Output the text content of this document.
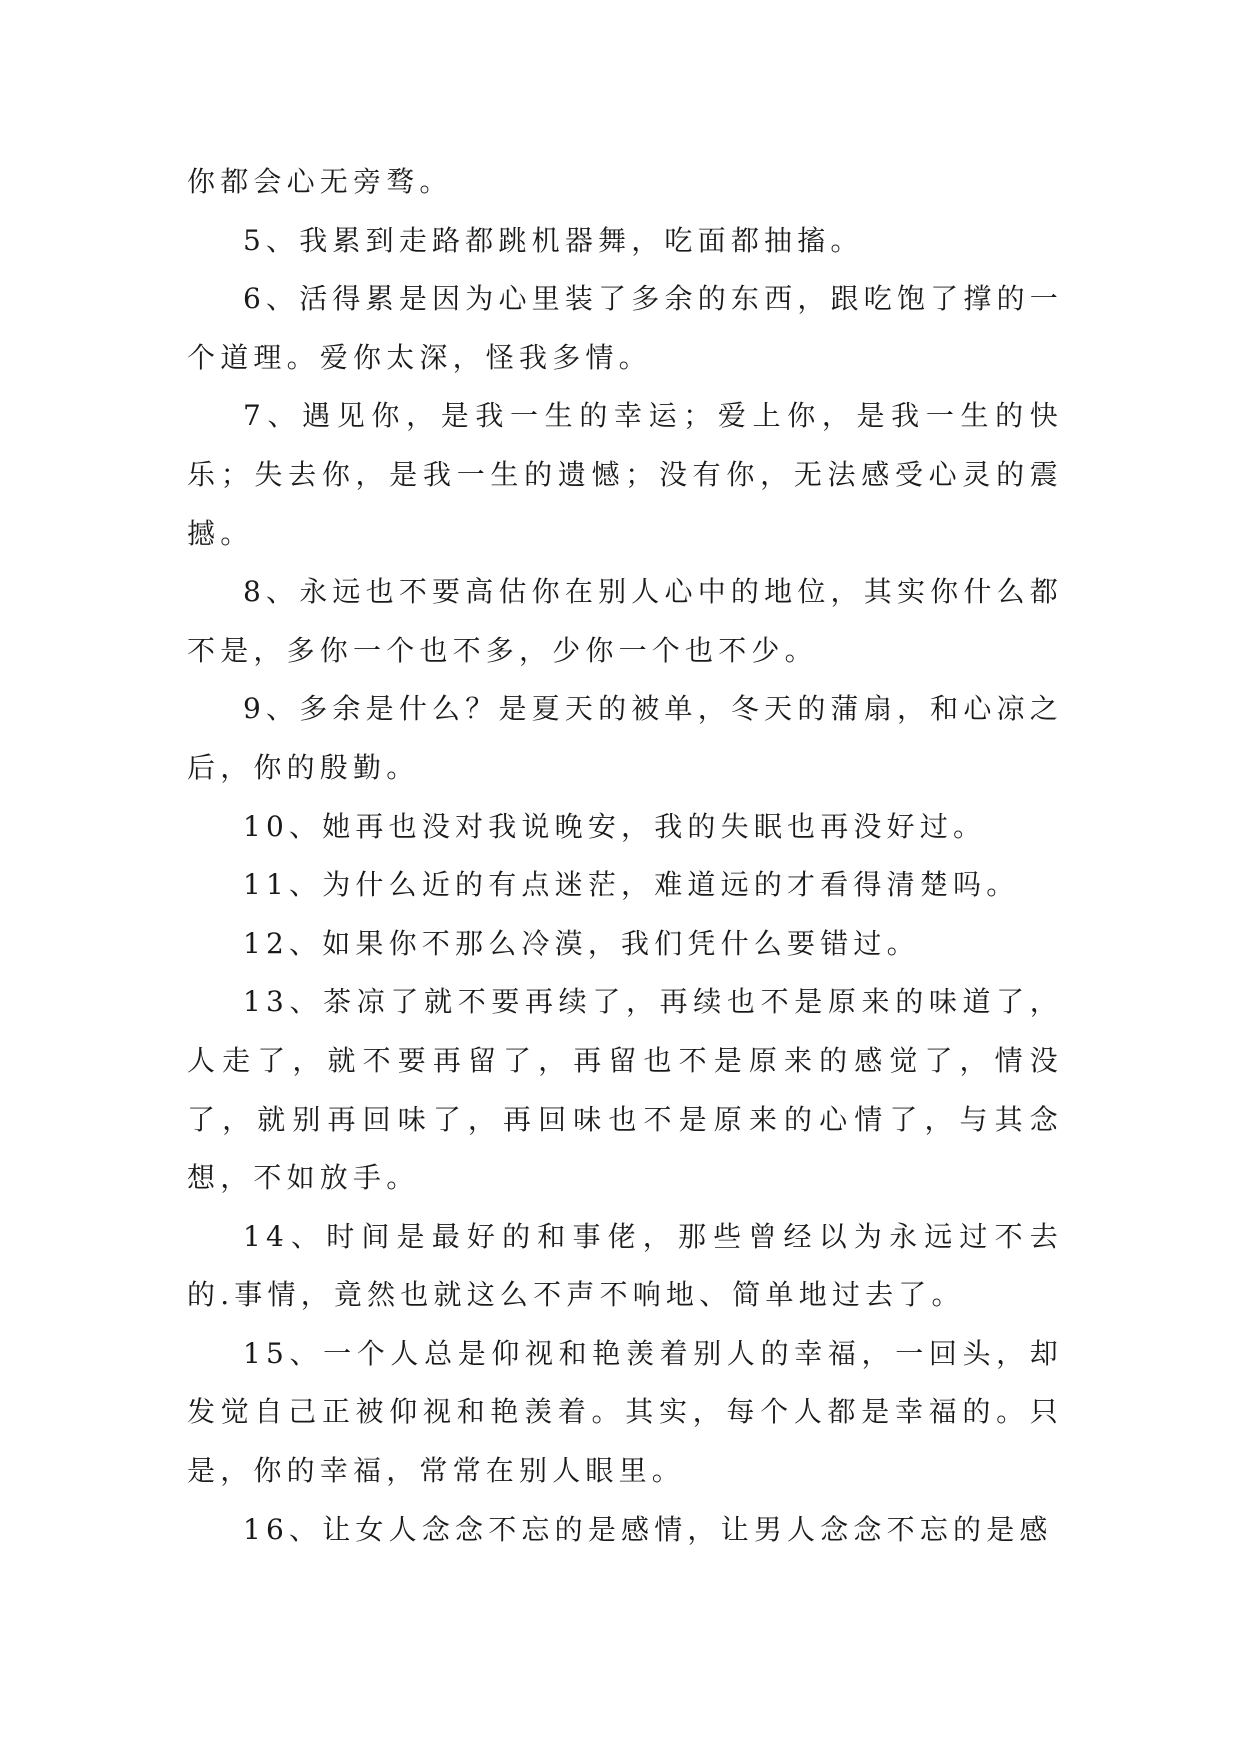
你都会心无旁骛。

5、我累到走路都跳机器舞，吃面都抽搐。

6、活得累是因为心里装了多余的东西，跟吃饱了撑的一个道理。爱你太深，怪我多情。

7、遇见你，是我一生的幸运；爱上你，是我一生的快乐；失去你，是我一生的遗憾；没有你，无法感受心灵的震撼。

8、永远也不要高估你在别人心中的地位，其实你什么都不是，多你一个也不多，少你一个也不少。

9、多余是什么？是夏天的被单，冬天的蒲扇，和心凉之后，你的殷勤。

10、她再也没对我说晚安，我的失眠也再没好过。

11、为什么近的有点迷茫，难道远的才看得清楚吗。

12、如果你不那么冷漠，我们凭什么要错过。

13、茶凉了就不要再续了，再续也不是原来的味道了，人走了，就不要再留了，再留也不是原来的感觉了，情没了，就别再回味了，再回味也不是原来的心情了，与其念想，不如放手。

14、时间是最好的和事佬，那些曾经以为永远过不去的.事情，竟然也就这么不声不响地、简单地过去了。

15、一个人总是仰视和艳羡着别人的幸福，一回头，却发觉自己正被仰视和艳羡着。其实，每个人都是幸福的。只是，你的幸福，常常在别人眼里。

16、让女人念念不忘的是感情，让男人念念不忘的是感
